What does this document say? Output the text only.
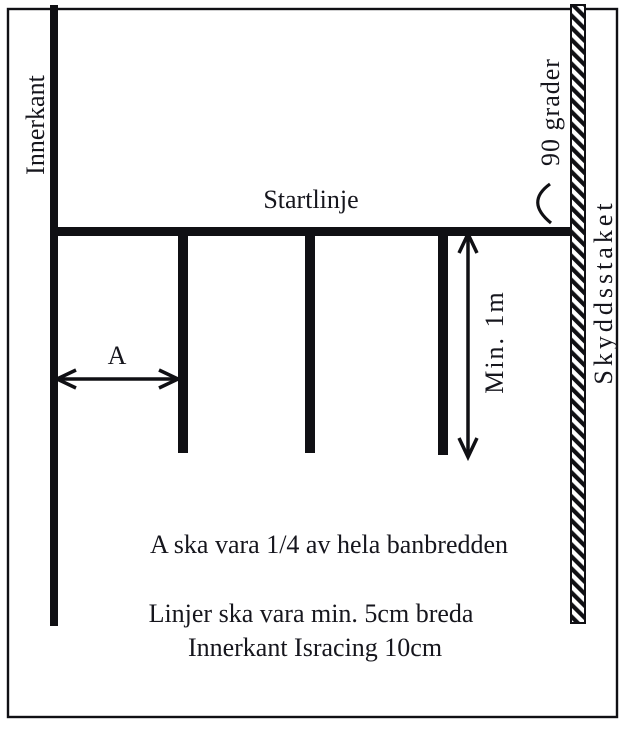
Innerkant	90 grader
Skyddsstaket
Min. 1m
Startlinje
A
A ska vara 1/4 av hela banbredden
Linjer ska vara min. 5cm breda
Innerkant Isracing 10cm
